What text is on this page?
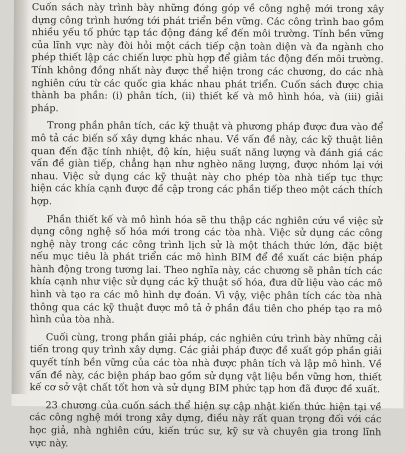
Cuốn sách này trình bày những đóng góp về công nghệ mới trong xây dựng công trình hướng tới phát triển bền vững. Các công trình bao gồm nhiều yếu tố phức tạp tác động đáng kể đến môi trường. Tính bền vững của lĩnh vực này đòi hỏi một cách tiếp cận toàn diện và đa ngành cho phép thiết lập các chiến lược phù hợp để giảm tác động đến môi trường. Tính không đồng nhất này được thể hiện trong các chương, do các nhà nghiên cứu từ các quốc gia khác nhau phát triển. Cuốn sách được chia thành ba phần: (i) phân tích, (ii) thiết kế và mô hình hóa, và (iii) giải pháp.

Trong phần phân tích, các kỹ thuật và phương pháp được đưa vào để mô tả các biến số xây dựng khác nhau. Về vấn đề này, các kỹ thuật liên quan đến đặc tính nhiệt, độ kín, hiệu suất năng lượng và đánh giá các vấn đề giàn tiếp, chẳng hạn như nghèo năng lượng, được nhóm lại với nhau. Việc sử dụng các kỹ thuật này cho phép tòa nhà tiếp tục thực hiện các khía cạnh được đề cập trong các phần tiếp theo một cách thích hợp.

Phần thiết kế và mô hình hóa sẽ thu thập các nghiên cứu về việc sử dụng công nghệ số hóa mới trong các tòa nhà. Việc sử dụng các công nghệ này trong các công trình lịch sử là một thách thức lớn, đặc biệt nếu mục tiêu là phát triển các mô hình BIM để đề xuất các biện pháp hành động trong tương lai. Theo nghĩa này, các chương sẽ phân tích các khía cạnh như việc sử dụng các kỹ thuật số hóa, đưa dữ liệu vào các mô hình và tạo ra các mô hình dự đoán. Vì vậy, việc phân tích các tòa nhà thông qua các kỹ thuật được mô tả ở phần đầu tiên cho phép tạo ra mô hình của tòa nhà.

Cuối cùng, trong phần giải pháp, các nghiên cứu trình bày những cải tiến trong quy trình xây dựng. Các giải pháp được đề xuất góp phần giải quyết tính bền vững của các tòa nhà được phân tích và lập mô hình. Về vấn đề này, các biện pháp bao gồm sử dụng vật liệu bền vững hơn, thiết kế cơ sở vật chất tốt hơn và sử dụng BIM phức tạp hơn đã được đề xuất.

23 chương của cuốn sách thể hiện sự cập nhật kiến thức hiện tại về các công nghệ mới trong xây dựng, điều này rất quan trọng đối với các học giả, nhà nghiên cứu, kiến trúc sư, kỹ sư và chuyên gia trong lĩnh vực này.
